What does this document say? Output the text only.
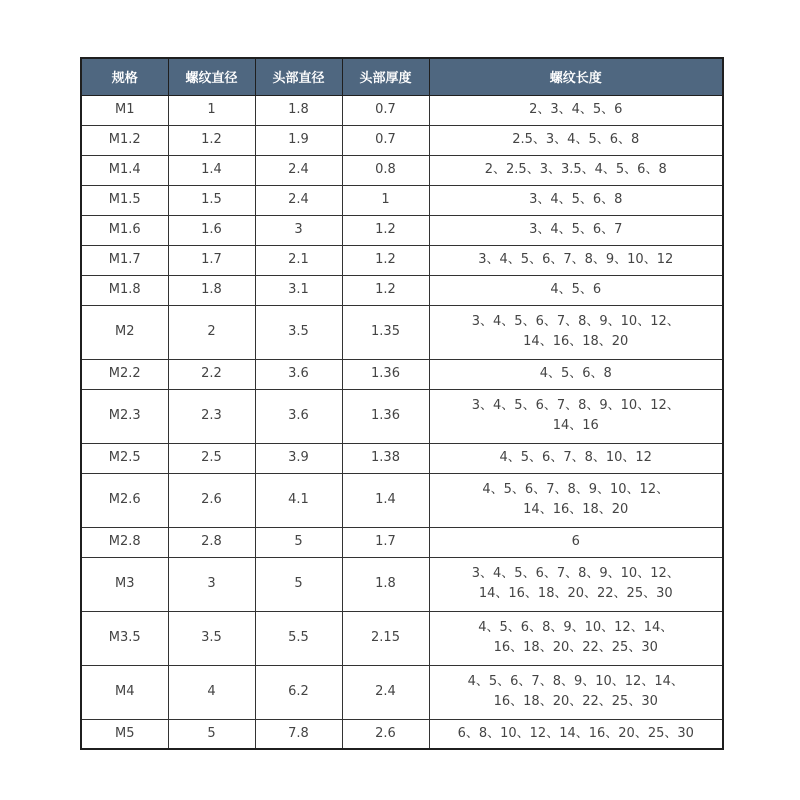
规格	螺纹直径	头部直径	头部厚度	螺纹长度
M1	1	1.8	0.7	2、3、4、5、6
M1.2	1.2	1.9	0.7	2.5、3、4、5、6、8
M1.4	1.4	2.4	0.8	2、2.5、3、3.5、4、5、6、8
M1.5	1.5	2.4	1	3、4、5、6、8
M1.6	1.6	3	1.2	3、4、5、6、7
M1.7	1.7	2.1	1.2	3、4、5、6、7、8、9、10、12
M1.8	1.8	3.1	1.2	4、5、6
M2	2	3.5	1.35	3、4、5、6、7、8、9、10、12、
14、16、18、20
M2.2	2.2	3.6	1.36	4、5、6、8
M2.3	2.3	3.6	1.36	3、4、5、6、7、8、9、10、12、
14、16
M2.5	2.5	3.9	1.38	4、5、6、7、8、10、12
M2.6	2.6	4.1	1.4	4、5、6、7、8、9、10、12、
14、16、18、20
M2.8	2.8	5	1.7	6
M3	3	5	1.8	3、4、5、6、7、8、9、10、12、
14、16、18、20、22、25、30
M3.5	3.5	5.5	2.15	4、5、6、8、9、10、12、14、
16、18、20、22、25、30
M4	4	6.2	2.4	4、5、6、7、8、9、10、12、14、
16、18、20、22、25、30
M5	5	7.8	2.6	6、8、10、12、14、16、20、25、30
